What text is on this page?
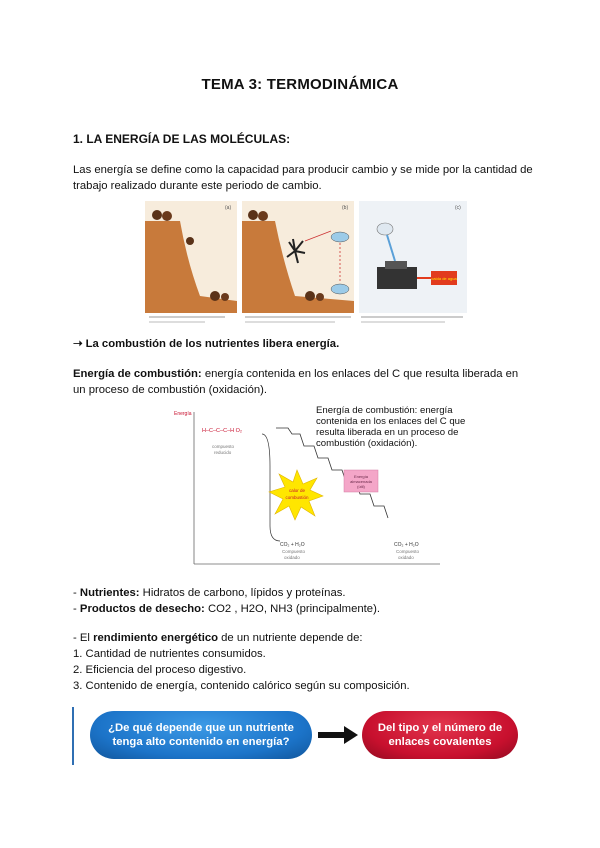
TEMA 3: TERMODINÁMICA
1. LA ENERGÍA DE LAS MOLÉCULAS:
Las energía se define como la capacidad para producir cambio y se mide por la cantidad de trabajo realizado durante este periodo de cambio.
(a)	(b)
caída de agua
(c)
➝ La combustión de los nutrientes libera energía.
Energía de combustión: energía contenida en los enlaces del C que resulta liberada en un proceso de combustión (oxidación).
Energía
H–C–C–C–H O₂
compuesto
reducido
calor de
combustión
Energía
almacenada
(útil)
CO₂ + H₂O
Compuesto
oxidado
CO₂ + H₂O
Compuesto
oxidado
Energía de combustión: energía contenida en los enlaces del C que resulta liberada en un proceso de combustión (oxidación).
- Nutrientes: Hidratos de carbono, lípidos y proteínas.
- Productos de desecho: CO2 , H2O, NH3 (principalmente).
- El rendimiento energético de un nutriente depende de:
1. Cantidad de nutrientes consumidos.
2. Eficiencia del proceso digestivo.
3. Contenido de energía, contenido calórico según su composición.
¿De qué depende que un nutriente tenga alto contenido en energía?
Del tipo y el número de enlaces covalentes
